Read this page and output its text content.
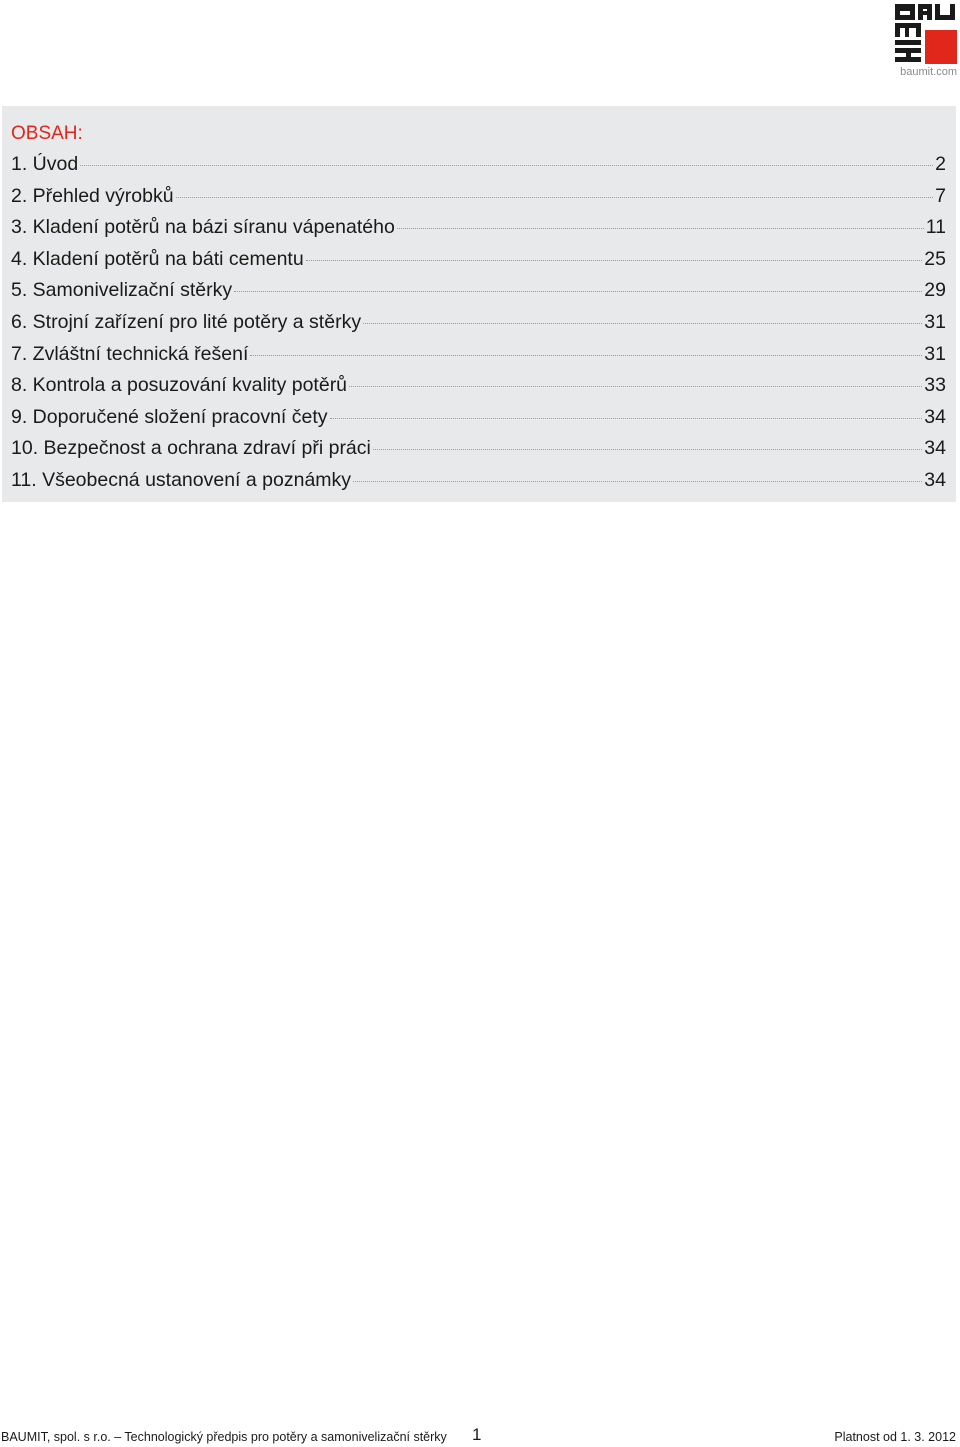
baumit.com
OBSAH:
1. Úvod	2
2. Přehled výrobků	7
3. Kladení potěrů na bázi síranu vápenatého	11
4. Kladení potěrů na báti cementu	25
5. Samonivelizační stěrky	29
6. Strojní zařízení pro lité potěry a stěrky	31
7. Zvláštní technická řešení	31
8. Kontrola a posuzování kvality potěrů	33
9. Doporučené složení pracovní čety	34
10. Bezpečnost a ochrana zdraví při práci	34
11. Všeobecná ustanovení a poznámky	34
BAUMIT, spol. s r.o. – Technologický předpis pro potěry a samonivelizační stěrky 1	Platnost od 1. 3. 2012
